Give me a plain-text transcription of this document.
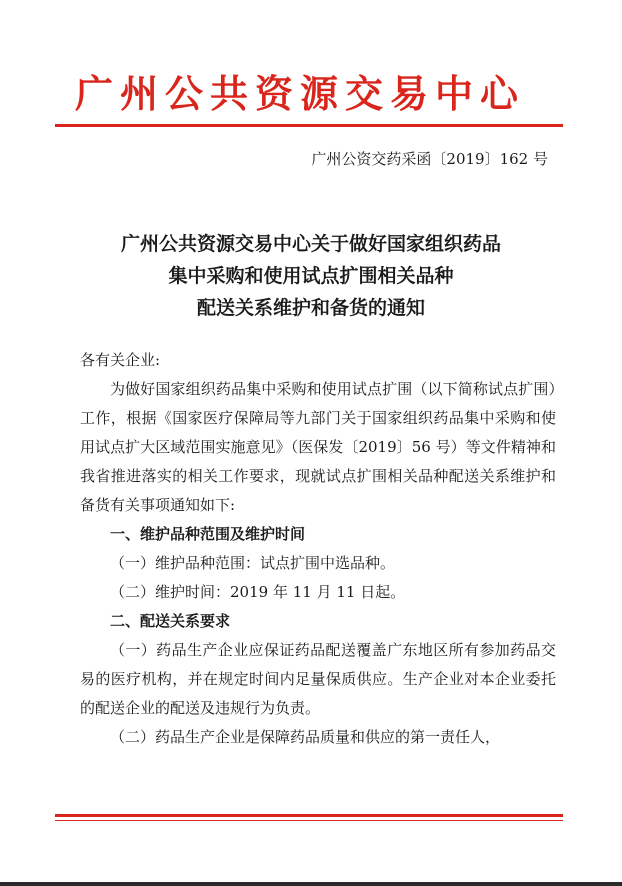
广州公共资源交易中心
广州公资交药采函〔2019〕162 号
广州公共资源交易中心关于做好国家组织药品
集中采购和使用试点扩围相关品种
配送关系维护和备货的通知

各有关企业:

为做好国家组织药品集中采购和使用试点扩围（以下简称试点扩围）工作，根据《国家医疗保障局等九部门关于国家组织药品集中采购和使用试点扩大区域范围实施意见》（医保发〔2019〕56 号）等文件精神和我省推进落实的相关工作要求，现就试点扩围相关品种配送关系维护和备货有关事项通知如下:

一、维护品种范围及维护时间

（一）维护品种范围：试点扩围中选品种。

（二）维护时间：2019 年 11 月 11 日起。

二、配送关系要求

（一）药品生产企业应保证药品配送覆盖广东地区所有参加药品交易的医疗机构，并在规定时间内足量保质供应。生产企业对本企业委托的配送企业的配送及违规行为负责。

（二）药品生产企业是保障药品质量和供应的第一责任人，
